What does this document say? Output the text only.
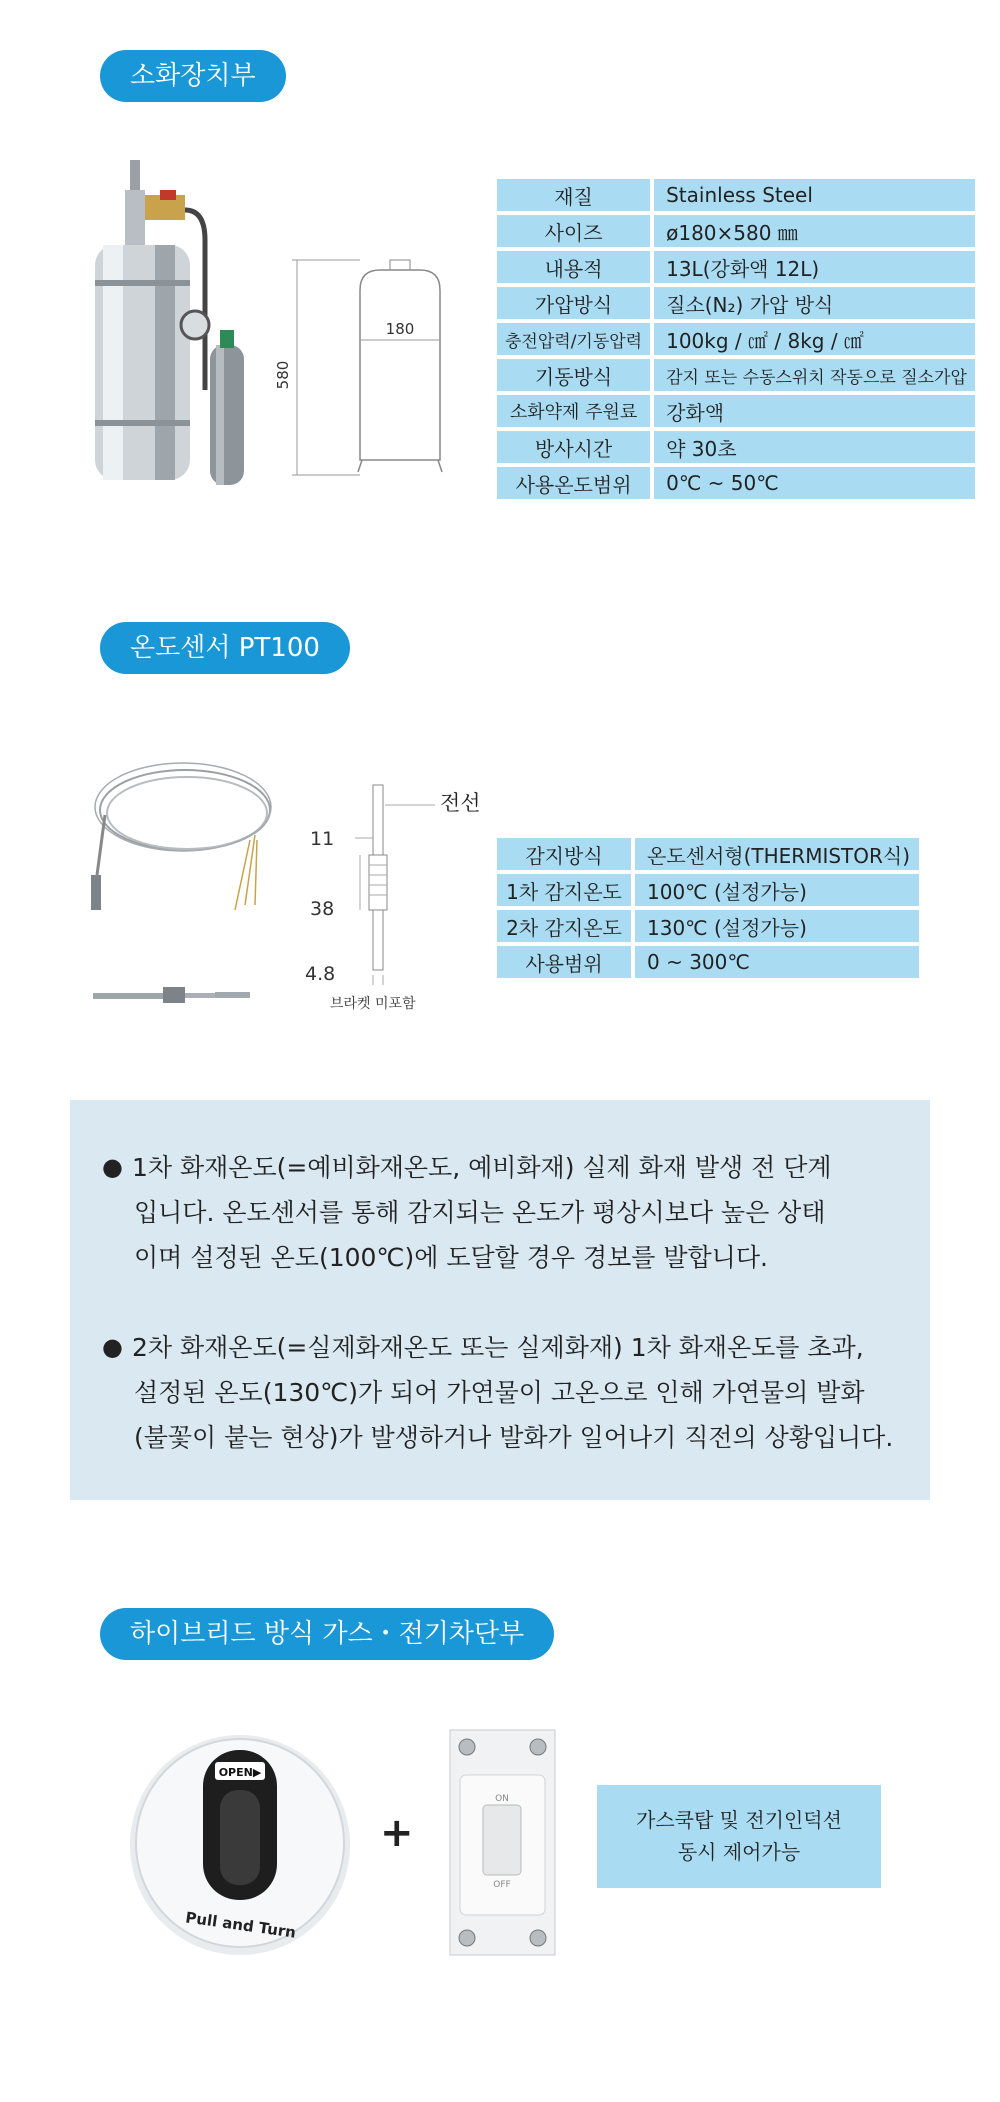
소화장치부
580
180
재질	Stainless Steel
사이즈	ø180×580 ㎜
내용적	13L(강화액 12L)
가압방식	질소(N₂) 가압 방식
충전압력/기동압력	100kg / ㎠ / 8kg / ㎠
기동방식	감지 또는 수동스위치 작동으로 질소가압
소화약제 주원료	강화액
방사시간	약 30초
사용온도범위	0℃ ~ 50℃
온도센서 PT100
전선
11
38
4.8
브라켓 미포함
감지방식	온도센서형(THERMISTOR식)
1차 감지온도	100℃ (설정가능)
2차 감지온도	130℃ (설정가능)
사용범위	0 ~ 300℃
● 1차 화재온도(=예비화재온도, 예비화재) 실제 화재 발생 전 단계
입니다. 온도센서를 통해 감지되는 온도가 평상시보다 높은 상태
이며 설정된 온도(100℃)에 도달할 경우 경보를 발합니다.
● 2차 화재온도(=실제화재온도 또는 실제화재) 1차 화재온도를 초과,
설정된 온도(130℃)가 되어 가연물이 고온으로 인해 가연물의 발화
(불꽃이 붙는 현상)가 발생하거나 발화가 일어나기 직전의 상황입니다.
하이브리드 방식 가스・전기차단부
OPEN▶
Pull and Turn
+
ON
OFF
가스쿡탑 및 전기인덕션
동시 제어가능
